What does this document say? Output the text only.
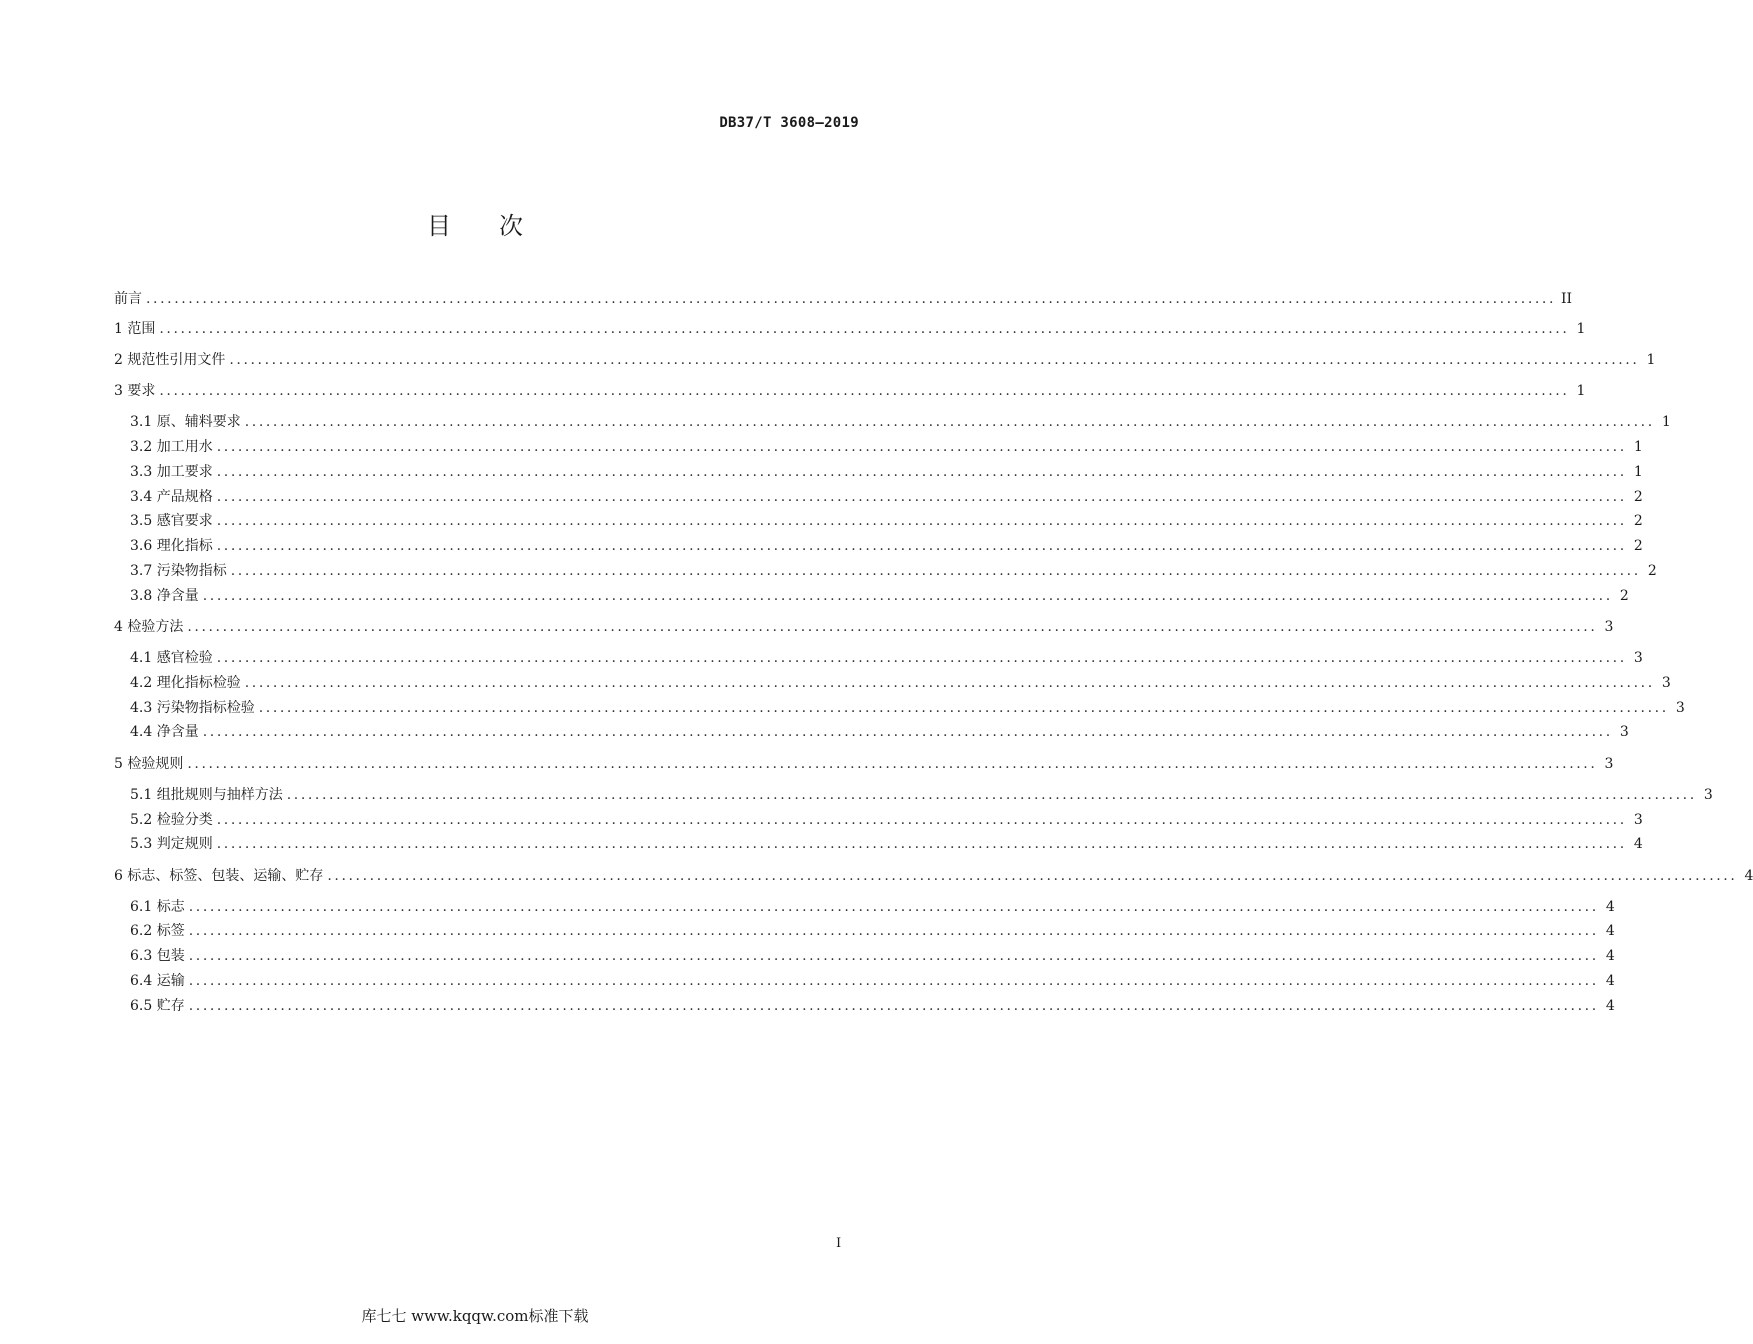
DB37/T 3608—2019
目次
前言 ........................................................................................................................................................................................................ II
1 范围 ........................................................................................................................................................................................................ 1
2 规范性引用文件 ........................................................................................................................................................................................................ 1
3 要求 ........................................................................................................................................................................................................ 1
3.1 原、辅料要求 ........................................................................................................................................................................................................ 1
3.2 加工用水 ........................................................................................................................................................................................................ 1
3.3 加工要求 ........................................................................................................................................................................................................ 1
3.4 产品规格 ........................................................................................................................................................................................................ 2
3.5 感官要求 ........................................................................................................................................................................................................ 2
3.6 理化指标 ........................................................................................................................................................................................................ 2
3.7 污染物指标 ........................................................................................................................................................................................................ 2
3.8 净含量 ........................................................................................................................................................................................................ 2
4 检验方法 ........................................................................................................................................................................................................ 3
4.1 感官检验 ........................................................................................................................................................................................................ 3
4.2 理化指标检验 ........................................................................................................................................................................................................ 3
4.3 污染物指标检验 ........................................................................................................................................................................................................ 3
4.4 净含量 ........................................................................................................................................................................................................ 3
5 检验规则 ........................................................................................................................................................................................................ 3
5.1 组批规则与抽样方法 ........................................................................................................................................................................................................ 3
5.2 检验分类 ........................................................................................................................................................................................................ 3
5.3 判定规则 ........................................................................................................................................................................................................ 4
6 标志、标签、包装、运输、贮存 ........................................................................................................................................................................................................ 4
6.1 标志 ........................................................................................................................................................................................................ 4
6.2 标签 ........................................................................................................................................................................................................ 4
6.3 包装 ........................................................................................................................................................................................................ 4
6.4 运输 ........................................................................................................................................................................................................ 4
6.5 贮存 ........................................................................................................................................................................................................ 4
I
库七七 www.kqqw.com标准下载
